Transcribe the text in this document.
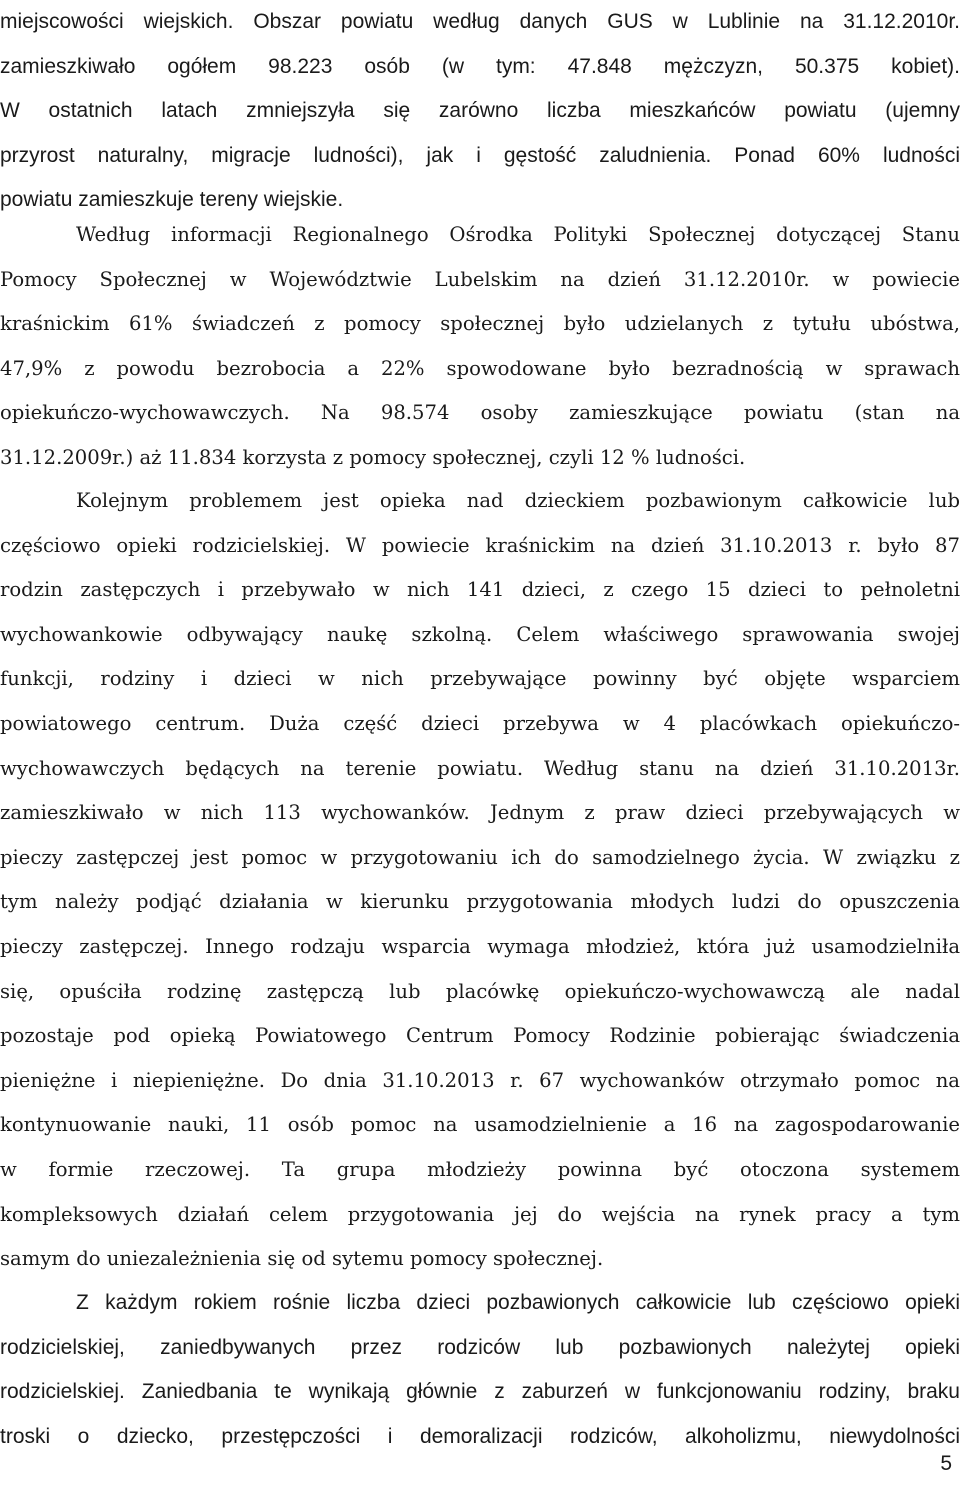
miejscowości wiejskich. Obszar powiatu według danych GUS w Lublinie na 31.12.2010r.
zamieszkiwało ogółem 98.223 osób (w tym: 47.848 mężczyzn, 50.375 kobiet).
W ostatnich latach zmniejszyła się zarówno liczba mieszkańców powiatu (ujemny
przyrost naturalny, migracje ludności), jak i gęstość zaludnienia. Ponad 60% ludności
powiatu zamieszkuje tereny wiejskie.
Według informacji Regionalnego Ośrodka Polityki Społecznej dotyczącej Stanu
Pomocy Społecznej w Województwie Lubelskim na dzień 31.12.2010r. w powiecie
kraśnickim 61% świadczeń z pomocy społecznej było udzielanych z tytułu ubóstwa,
47,9% z powodu bezrobocia a 22% spowodowane było bezradnością w sprawach
opiekuńczo-wychowawczych. Na 98.574 osoby zamieszkujące powiatu (stan na
31.12.2009r.) aż 11.834 korzysta z pomocy społecznej, czyli 12 % ludności.
Kolejnym problemem jest opieka nad dzieckiem pozbawionym całkowicie lub
częściowo opieki rodzicielskiej. W powiecie kraśnickim na dzień 31.10.2013 r. było 87
rodzin zastępczych i przebywało w nich 141 dzieci, z czego 15 dzieci to pełnoletni
wychowankowie odbywający naukę szkolną. Celem właściwego sprawowania swojej
funkcji, rodziny i dzieci w nich przebywające powinny być objęte wsparciem
powiatowego centrum. Duża część dzieci przebywa w 4 placówkach opiekuńczo-
wychowawczych będących na terenie powiatu. Według stanu na dzień 31.10.2013r.
zamieszkiwało w nich 113 wychowanków. Jednym z praw dzieci przebywających w
pieczy zastępczej jest pomoc w przygotowaniu ich do samodzielnego życia. W związku z
tym należy podjąć działania w kierunku przygotowania młodych ludzi do opuszczenia
pieczy zastępczej. Innego rodzaju wsparcia wymaga młodzież, która już usamodzielniła
się, opuściła rodzinę zastępczą lub placówkę opiekuńczo-wychowawczą ale nadal
pozostaje pod opieką Powiatowego Centrum Pomocy Rodzinie pobierając świadczenia
pieniężne i niepieniężne. Do dnia 31.10.2013 r. 67 wychowanków otrzymało pomoc na
kontynuowanie nauki, 11 osób pomoc na usamodzielnienie a 16 na zagospodarowanie
w formie rzeczowej. Ta grupa młodzieży powinna być otoczona systemem
kompleksowych działań celem przygotowania jej do wejścia na rynek pracy a tym
samym do uniezależnienia się od sytemu pomocy społecznej.
Z każdym rokiem rośnie liczba dzieci pozbawionych całkowicie lub częściowo opieki
rodzicielskiej, zaniedbywanych przez rodziców lub pozbawionych należytej opieki
rodzicielskiej. Zaniedbania te wynikają głównie z zaburzeń w funkcjonowaniu rodziny, braku
troski o dziecko, przestępczości i demoralizacji rodziców, alkoholizmu, niewydolności
5
